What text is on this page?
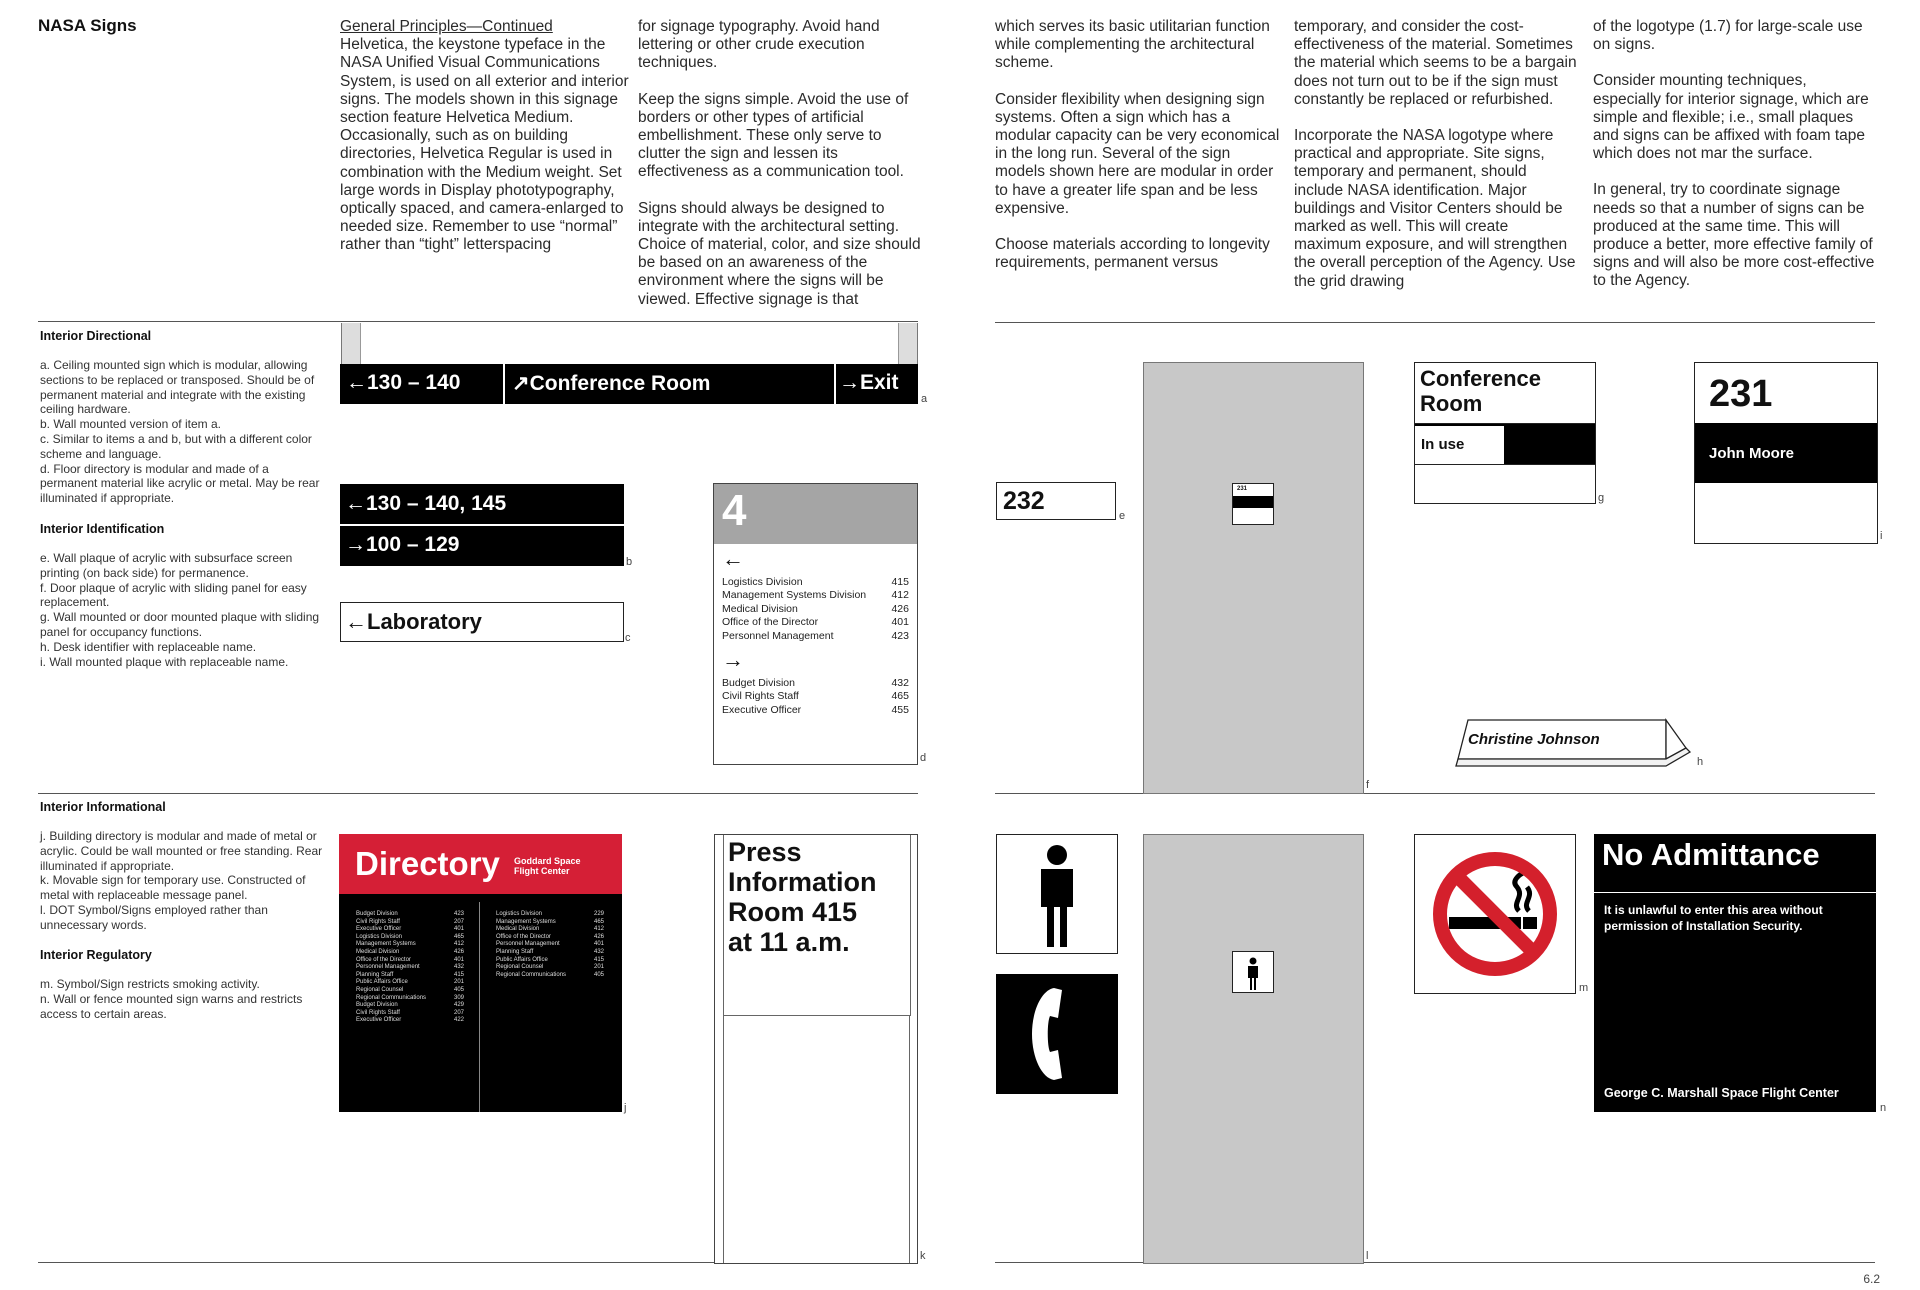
NASA Signs	General Principles—Continued
Helvetica, the keystone typeface in the NASA Unified Visual Communications System, is used on all exterior and interior signs. The models shown in this signage section feature Helvetica Medium. Occasionally, such as on building directories, Helvetica Regular is used in combination with the Medium weight. Set large words in Display phototypography, optically spaced, and camera-enlarged to needed size. Remember to use “normal” rather than “tight” letterspacing

for signage typography. Avoid hand lettering or other crude execution techniques.

Keep the signs simple. Avoid the use of borders or other types of artificial embellishment. These only serve to clutter the sign and lessen its effectiveness as a communication tool.

Signs should always be designed to integrate with the architectural setting. Choice of material, color, and size should be based on an awareness of the environment where the signs will be viewed. Effective signage is that

which serves its basic utilitarian function while complementing the architectural scheme.

Consider flexibility when designing sign systems. Often a sign which has a modular capacity can be very economical in the long run. Several of the sign models shown here are modular in order to have a greater life span and be less expensive.

Choose materials according to longevity requirements, permanent versus

temporary, and consider the cost-effectiveness of the material. Sometimes the material which seems to be a bargain does not turn out to be if the sign must constantly be replaced or refurbished.

Incorporate the NASA logotype where practical and appropriate. Site signs, temporary and permanent, should include NASA identification. Major buildings and Visitor Centers should be marked as well. This will create maximum exposure, and will strengthen the overall perception of the Agency. Use the grid drawing

of the logotype (1.7) for large-scale use on signs.

Consider mounting techniques, especially for interior signage, which are simple and flexible; i.e., small plaques and signs can be affixed with foam tape which does not mar the surface.

In general, try to coordinate signage needs so that a number of signs can be produced at the same time. This will produce a better, more effective family of signs and will also be more cost-effective to the Agency.

Interior Directional

a. Ceiling mounted sign which is modular, allowing sections to be replaced or transposed. Should be of permanent material and integrate with the existing ceiling hardware.

b. Wall mounted version of item a.

c. Similar to items a and b, but with a different color scheme and language.

d. Floor directory is modular and made of a permanent material like acrylic or metal. May be rear illuminated if appropriate.

Interior Identification

e. Wall plaque of acrylic with subsurface screen printing (on back side) for permanence.

f. Door plaque of acrylic with sliding panel for easy replacement.

g. Wall mounted or door mounted plaque with sliding panel for occupancy functions.

h. Desk identifier with replaceable name.

i. Wall mounted plaque with replaceable name.

Interior Informational

j. Building directory is modular and made of metal or acrylic. Could be wall mounted or free standing. Rear illuminated if appropriate.

k. Movable sign for temporary use. Constructed of metal with replaceable message panel.

l. DOT Symbol/Signs employed rather than unnecessary words.

Interior Regulatory

m. Symbol/Sign restricts smoking activity.

n. Wall or fence mounted sign warns and restricts access to certain areas.

←130 – 140 ↗Conference Room	→Exit
a
←130 – 140, 145
→100 – 129
b
←Laboratory
c
4
←
Logistics Division	415
Management Systems Division 412
Medical Division	426
Office of the Director	401
Personnel Management	423
→
Budget Division	432
Civil Rights Staff	465
Executive Officer	455
d
232
e
231
f
Conference
Room
In use
g
231
John Moore
i
Christine Johnson
h
Directory Goddard Space
Flight Center
Budget Division	423
Civil Rights Staff	207
Executive Officer	401
Logistics Division	465
Management Systems	412
Medical Division	426
Office of the Director	401
Personnel Management	432
Planning Staff	415
Public Affairs Office	201
Regional Counsel	405
Regional Communications	309
Budget Division	429
Civil Rights Staff	207
Executive Officer	422
Logistics Division	229
Management Systems	465
Medical Division	412
Office of the Director	426
Personnel Management	401
Planning Staff	432
Public Affairs Office	415
Regional Counsel	201
Regional Communications	405
j
Press
Information
Room 415
at 11 a.m.
k	l
m
No Admittance
It is unlawful to enter this area without permission of Installation Security.
George C. Marshall Space Flight Center
n
6.2
